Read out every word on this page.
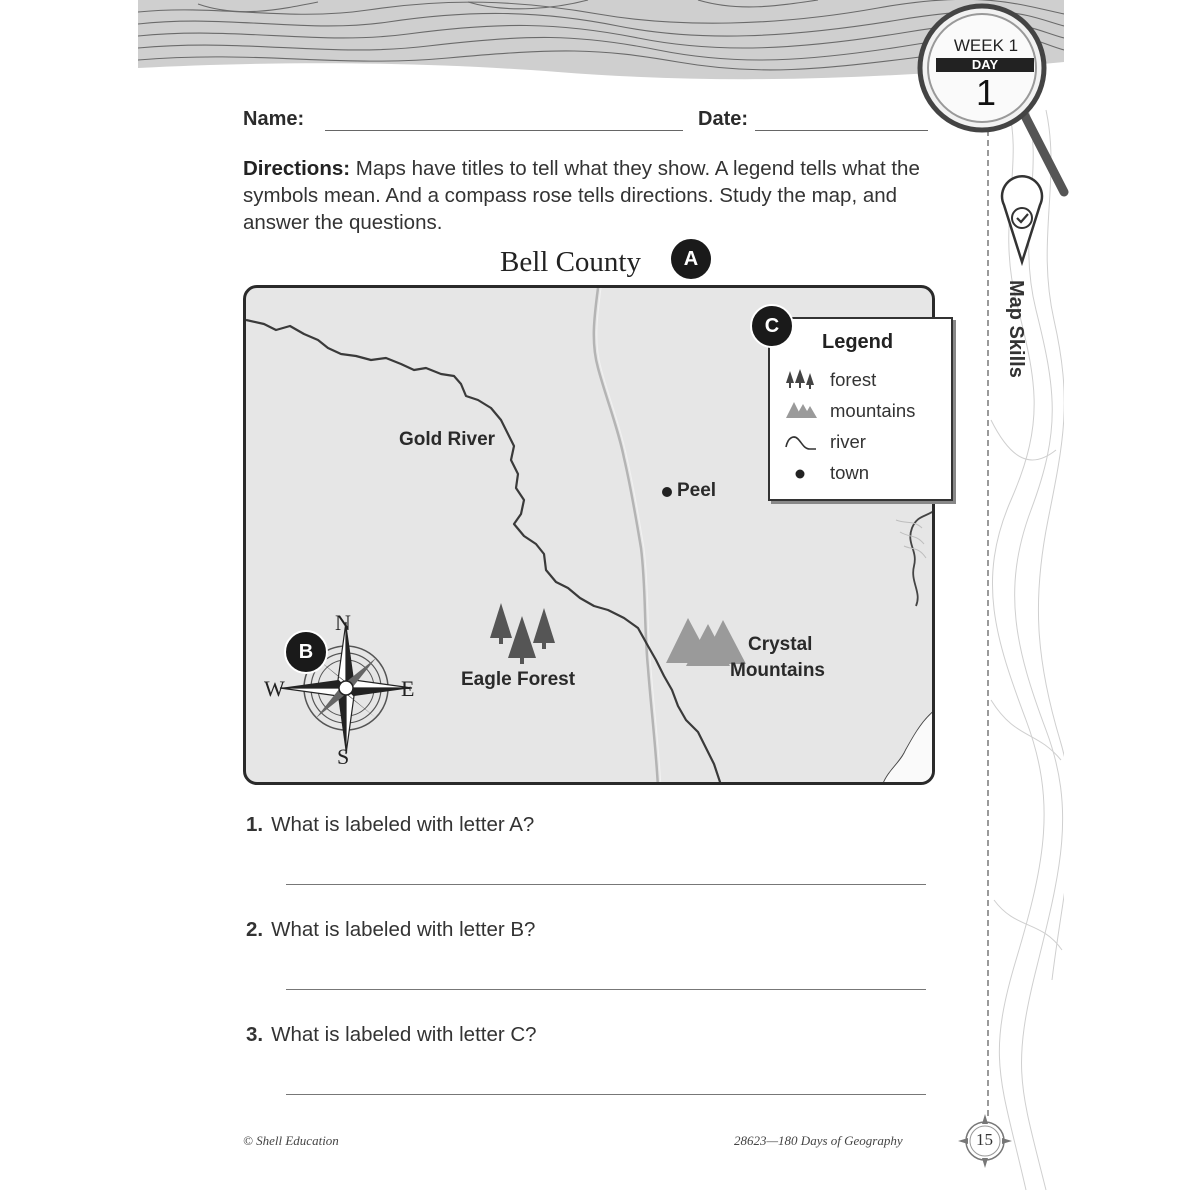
Map Skills
WEEK 1
DAY
1
Name:	Date:

Directions: Maps have titles to tell what they show. A legend tells what the symbols mean. And a compass rose tells directions. Study the map, and answer the questions.

Bell County	A
Gold River
Peel
Eagle Forest
Crystal
Mountains
N
S
E
W
B
Legend
forest
mountains
river
town
C
1. What is labeled with letter A?
2. What is labeled with letter B?
3. What is labeled with letter C?
© Shell Education	28623—180 Days of Geography	15
